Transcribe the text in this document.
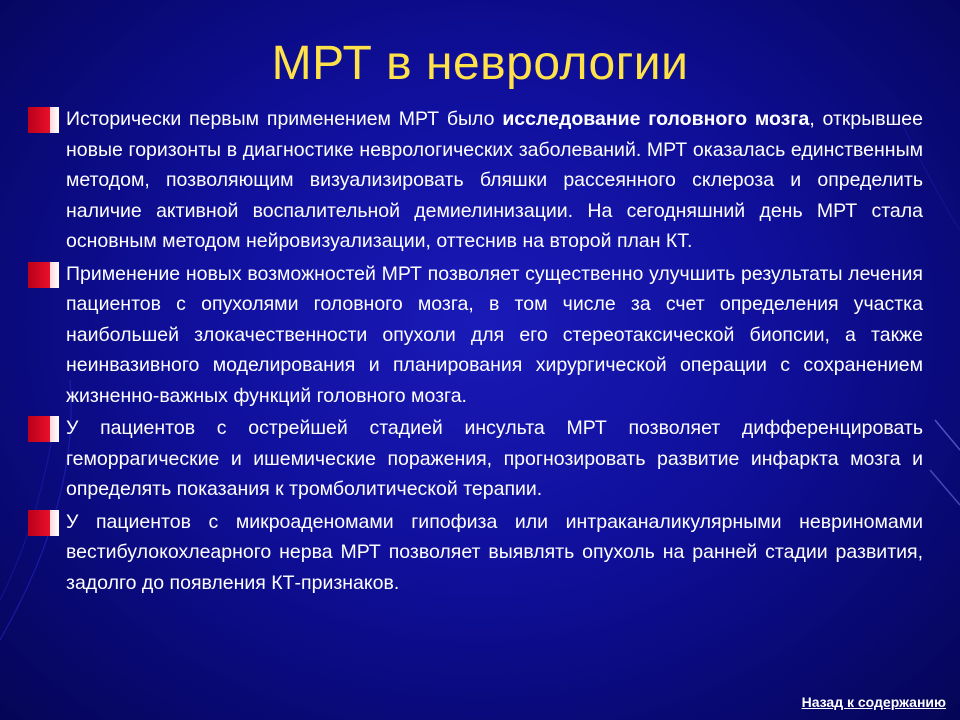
МРТ в неврологии
Исторически первым применением МРТ было исследование головного мозга, открывшее новые горизонты в диагностике неврологических заболеваний. МРТ оказалась единственным методом, позволяющим визуализировать бляшки рассеянного склероза и определить наличие активной воспалительной демиелинизации. На сегодняшний день МРТ стала основным методом нейровизуализации, оттеснив на второй план КТ.
Применение новых возможностей МРТ позволяет существенно улучшить результаты лечения пациентов с опухолями головного мозга, в том числе за счет определения участка наибольшей злокачественности опухоли для его стереотаксической биопсии, а также неинвазивного моделирования и планирования хирургической операции с сохранением жизненно-важных функций головного мозга.
У пациентов с острейшей стадией инсульта МРТ позволяет дифференцировать геморрагические и ишемические поражения, прогнозировать развитие инфаркта мозга и определять показания к тромболитической терапии.
У пациентов с микроаденомами гипофиза или интраканаликулярными невриномами вестибулокохлеарного нерва МРТ позволяет выявлять опухоль на ранней стадии развития, задолго до появления КТ-признаков.
Назад к содержанию
